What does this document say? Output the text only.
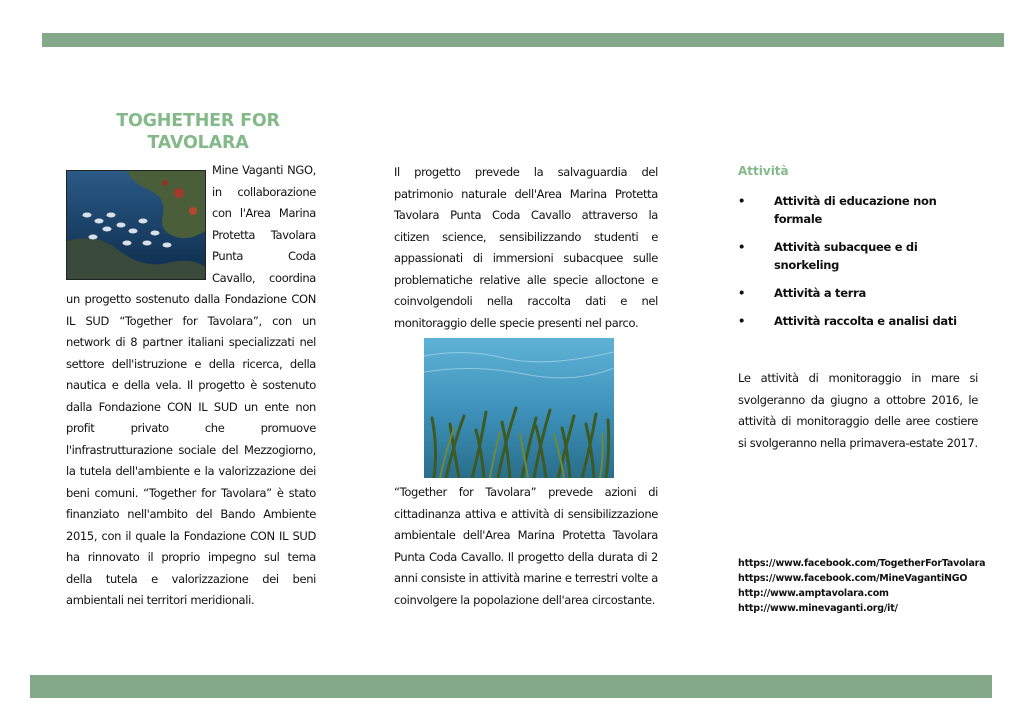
TOGHETHER FOR
TAVOLARA
Mine Vaganti NGO, in collaborazione con l'Area Marina Protetta Tavolara Punta Coda Cavallo, coordina un progetto sostenuto dalla Fondazione CON IL SUD “Together for Tavolara”, con un network di 8 partner italiani specializzati nel settore dell'istruzione e della ricerca, della nautica e della vela. Il progetto è sostenuto dalla Fondazione CON IL SUD un ente non profit privato che promuove l'infrastrutturazione sociale del Mezzogiorno, la tutela dell'ambiente e la valorizzazione dei beni comuni. “Together for Tavolara” è stato finanziato nell'ambito del Bando Ambiente 2015, con il quale la Fondazione CON IL SUD ha rinnovato il proprio impegno sul tema della tutela e valorizzazione dei beni ambientali nei territori meridionali.

Il progetto prevede la salvaguardia del patrimonio naturale dell'Area Marina Protetta Tavolara Punta Coda Cavallo attraverso la citizen science, sensibilizzando studenti e appassionati di immersioni subacquee sulle problematiche relative alle specie alloctone e coinvolgendoli nella raccolta dati e nel monitoraggio delle specie presenti nel parco.

“Together for Tavolara” prevede azioni di cittadinanza attiva e attività di sensibilizzazione ambientale dell'Area Marina Protetta Tavolara Punta Coda Cavallo. Il progetto della durata di 2 anni consiste in attività marine e terrestri volte a coinvolgere la popolazione dell'area circostante.

Attività
• Attività di educazione non formale
• Attività subacquee e di snorkeling
• Attività a terra
• Attività raccolta e analisi dati

Le attività di monitoraggio in mare si svolgeranno da giugno a ottobre 2016, le attività di monitoraggio delle aree costiere si svolgeranno nella primavera-estate 2017.

https://www.facebook.com/TogetherForTavolara
https://www.facebook.com/MineVagantiNGO
http://www.amptavolara.com
http://www.minevaganti.org/it/
